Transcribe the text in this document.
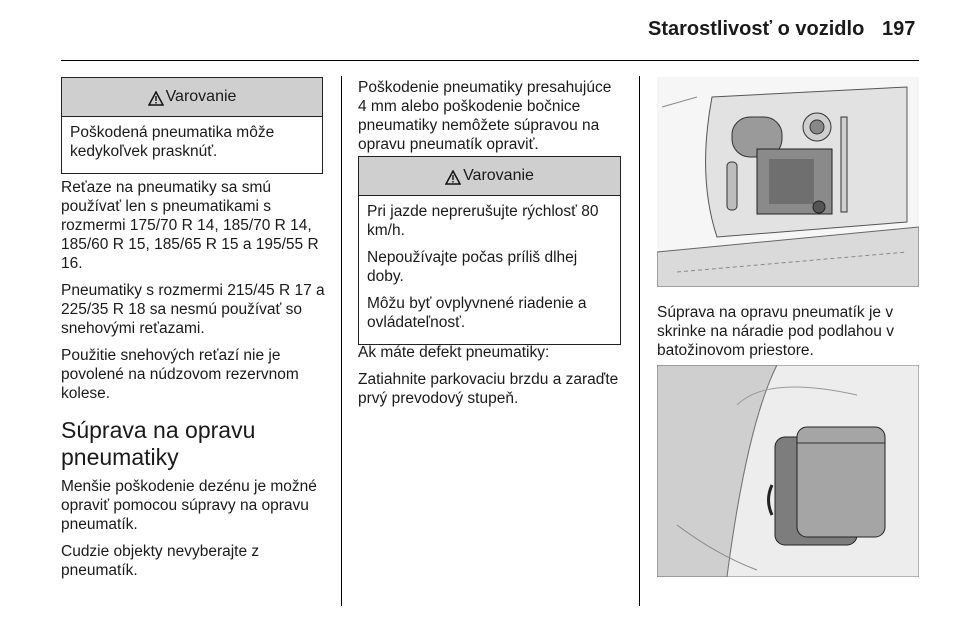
Starostlivosť o vozidlo 197
Varovanie

Poškodená pneumatika môže kedykoľvek prasknúť.

Reťaze na pneumatiky sa smú používať len s pneumatikami s rozmermi 175/70 R 14, 185/70 R 14, 185/60 R 15, 185/65 R 15 a 195/55 R 16.

Pneumatiky s rozmermi 215/45 R 17 a 225/35 R 18 sa nesmú používať so snehovými reťazami.

Použitie snehových reťazí nie je povolené na núdzovom rezervnom kolese.

Súprava na opravu pneumatiky

Menšie poškodenie dezénu je možné opraviť pomocou súpravy na opravu pneumatík.

Cudzie objekty nevyberajte z pneumatík.

Poškodenie pneumatiky presahujúce 4 mm alebo poškodenie bočnice pneumatiky nemôžete súpravou na opravu pneumatík opraviť.

Varovanie

Pri jazde neprerušujte rýchlosť 80 km/h.

Nepoužívajte počas príliš dlhej doby.

Môžu byť ovplyvnené riadenie a ovládateľnosť.

Ak máte defekt pneumatiky:

Zatiahnite parkovaciu brzdu a zaraďte prvý prevodový stupeň.

Súprava na opravu pneumatík je v skrinke na náradie pod podlahou v batožinovom priestore.
